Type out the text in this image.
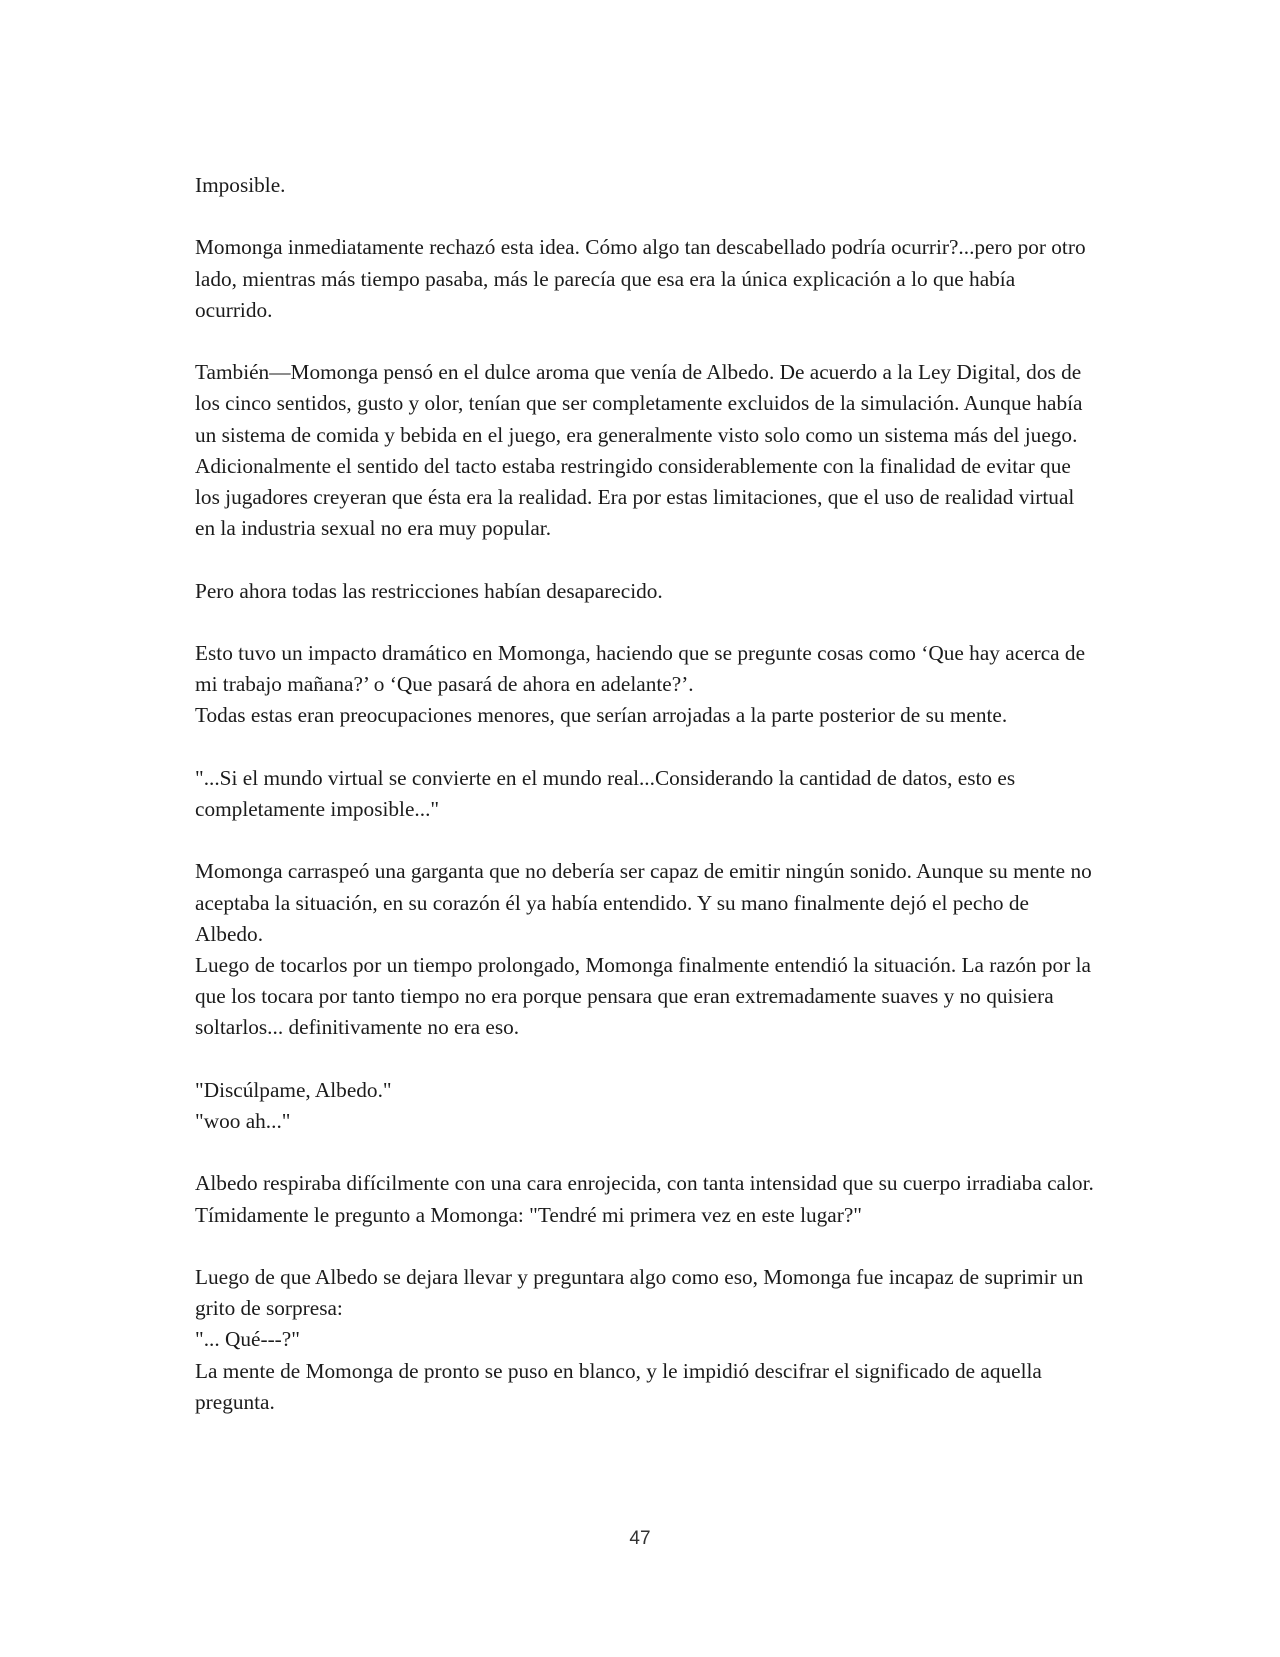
Imposible.

Momonga inmediatamente rechazó esta idea. Cómo algo tan descabellado podría ocurrir?...pero por otro lado, mientras más tiempo pasaba, más le parecía que esa era la única explicación a lo que había ocurrido.

También—Momonga pensó en el dulce aroma que venía de Albedo. De acuerdo a la Ley Digital, dos de los cinco sentidos, gusto y olor, tenían que ser completamente excluidos de la simulación. Aunque había un sistema de comida y bebida en el juego, era generalmente visto solo como un sistema más del juego. Adicionalmente el sentido del tacto estaba restringido considerablemente con la finalidad de evitar que los jugadores creyeran que ésta era la realidad. Era por estas limitaciones, que el uso de realidad virtual en la industria sexual no era muy popular.

Pero ahora todas las restricciones habían desaparecido.

Esto tuvo un impacto dramático en Momonga, haciendo que se pregunte cosas como ‘Que hay acerca de mi trabajo mañana?’ o ‘Que pasará de ahora en adelante?’.

Todas estas eran preocupaciones menores, que serían arrojadas a la parte posterior de su mente.

"...Si el mundo virtual se convierte en el mundo real...Considerando la cantidad de datos, esto es completamente imposible..."

Momonga carraspeó una garganta que no debería ser capaz de emitir ningún sonido. Aunque su mente no aceptaba la situación, en su corazón él ya había entendido. Y su mano finalmente dejó el pecho de Albedo.

Luego de tocarlos por un tiempo prolongado, Momonga finalmente entendió la situación. La razón por la que los tocara por tanto tiempo no era porque pensara que eran extremadamente suaves y no quisiera soltarlos... definitivamente no era eso.

"Discúlpame, Albedo."

"woo ah..."

Albedo respiraba difícilmente con una cara enrojecida, con tanta intensidad que su cuerpo irradiaba calor. Tímidamente le pregunto a Momonga: "Tendré mi primera vez en este lugar?"

Luego de que Albedo se dejara llevar y preguntara algo como eso, Momonga fue incapaz de suprimir un grito de sorpresa:

"... Qué---?"

La mente de Momonga de pronto se puso en blanco, y le impidió descifrar el significado de aquella pregunta.

47
